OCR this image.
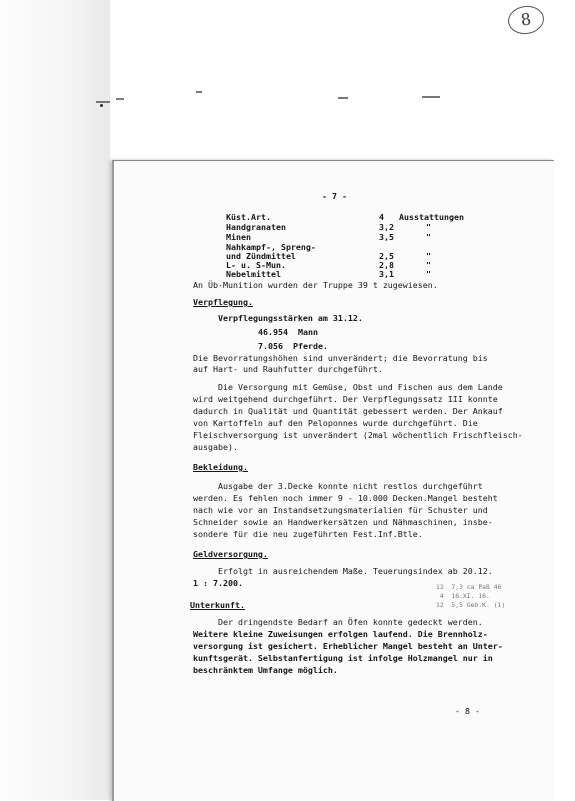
8
- 7 -
Küst.Art.	4 Ausstattungen
Handgranaten	3,2	"
Minen	3,5	"
Nahkampf-, Spreng-
und Zündmittel	2,5	"
L- u. S-Mun.	2,8	"
Nebelmittel	3,1	"
An Üb-Munition wurden der Truppe 39 t zugewiesen.
Verpflegung.
Verpflegungsstärken am 31.12.
46.954  Mann
7.056  Pferde.
Die Bevorratungshöhen sind unverändert; die Bevorratung bis
auf Hart- und Rauhfutter durchgeführt.
Die Versorgung mit Gemüse, Obst und Fischen aus dem Lande
wird weitgehend durchgeführt. Der Verpflegungssatz III konnte
dadurch in Qualität und Quantität gebessert werden. Der Ankauf
von Kartoffeln auf den Peloponnes wurde durchgeführt. Die
Fleischversorgung ist unverändert (2mal wöchentlich Frischfleisch-
ausgabe).
Bekleidung.
Ausgabe der 3.Decke konnte nicht restlos durchgeführt
werden. Es fehlen noch immer 9 - 10.000 Decken.Mangel besteht
nach wie vor an Instandsetzungsmaterialien für Schuster und
Schneider sowie an Handwerkersätzen und Nähmaschinen, insbe-
sondere für die neu zugeführten Fest.Inf.Btle.
Geldversorgung.
Erfolgt in ausreichendem Maße. Teuerungsindex ab 20.12.
1 : 7.200.	12  7,3 ca Paß 46
4  16.XI. 16.
12  5,5 Geb.K. (1)
Unterkunft.
Der dringendste Bedarf an Öfen konnte gedeckt werden.
Weitere kleine Zuweisungen erfolgen laufend. Die Brennholz-
versorgung ist gesichert. Erheblicher Mangel besteht an Unter-
kunftsgerät. Selbstanfertigung ist infolge Holzmangel nur in
beschränktem Umfange möglich.
- 8 -
